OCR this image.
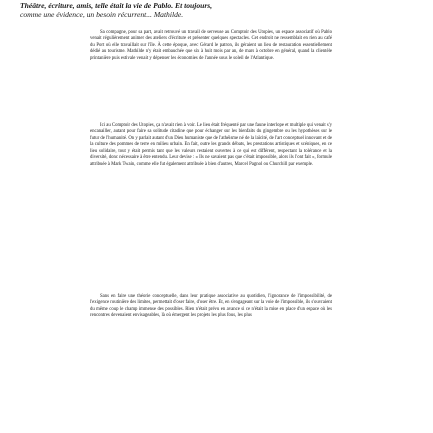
Théâtre, écriture, amis, telle était la vie de Pablo. Et toujours,
comme une évidence, un besoin récurrent... Mathilde.

Sa compagne, pour sa part, avait retrouvé un travail de serveuse au Comptoir des Utopies, un espace associatif où Pablo venait régulièrement animer des ateliers d'écriture et présenter quelques spectacles. Cet endroit ne ressemblait en rien au café du Port où elle travaillait sur l'île. À cette époque, avec Gérard le patron, ils géraient un lieu de restauration essentiellement dédié au tourisme. Mathilde n'y était embauchée que six à huit mois par an, de mars à octobre en général, quand la clientèle printanière puis estivale venait y dépenser les économies de l'année sous le soleil de l'Atlantique.

Ici au Comptoir des Utopies, ça n'avait rien à voir. Le lieu était fréquenté par une faune interlope et multiple qui venait s'y encanailler, autant pour faire sa solitude citadine que pour échanger sur les bienfaits du gingembre ou les hypothèses sur le futur de l'humanité. On y parlait autant d'un Dieu humaniste que de l'athéisme né de la laïcité, de l'art conceptuel innovant et de la culture des pommes de terre en milieu urbain. En fait, outre les grands débats, les prestations artistiques et scéniques, en ce lieu solidaire, tout y était permis tant que les valeurs restaient ouvertes à ce qui est différent, respectant la tolérance et la diversité, donc nécessaire à être entendu. Leur devise : « Ils ne savaient pas que c'était impossible, alors ils l'ont fait », formule attribuée à Mark Twain, comme elle fut également attribuée à bien d'autres, Marcel Pagnol ou Churchill par exemple.

Sans en faire une théorie conceptuelle, dans leur pratique associative au quotidien, l'ignorance de l'impossibilité, de l'exigence routinière des limites, permettait d'oser faire, d'oser être. Et, en s'engageant sur la voie de l'impossible, ils s'ouvraient du même coup le champ immense des possibles. Rien n'était prévu en avance si ce n'était la mise en place d'un espace où les rencontres devenaient envisageables, là où émergent les projets les plus fous, les plus
